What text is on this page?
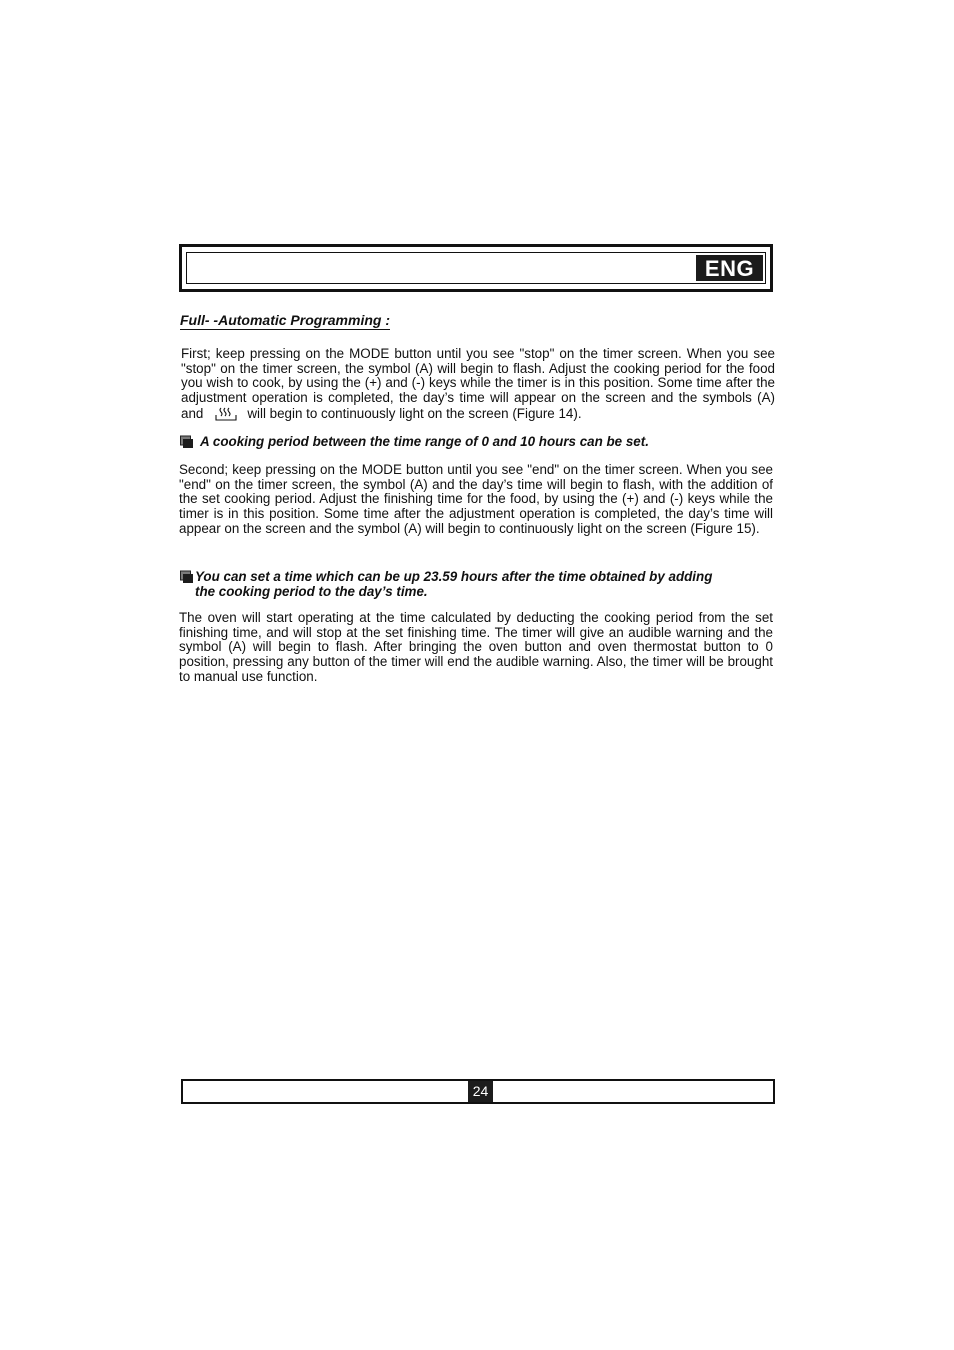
ENG
Full- -Automatic Programming :

First; keep pressing on the MODE button until you see "stop" on the timer screen. When you see "stop" on the timer screen, the symbol (A) will begin to flash. Adjust the cooking period for the food you wish to cook, by using the (+) and (-) keys while the timer is in this position. Some time after the adjustment operation is completed, the day’s time will appear on the screen and the symbols (A) and	will begin to continuously light on the screen (Figure 14).

A cooking period between the time range of 0 and 10 hours can be set.

Second; keep pressing on the MODE button until you see "end" on the timer screen. When you see "end" on the timer screen, the symbol (A) and the day’s time will begin to flash, with the addition of the set cooking period. Adjust the finishing time for the food, by using the (+) and (-) keys while the timer is in this position. Some time after the adjustment operation is completed, the day’s time will appear on the screen and the symbol (A) will begin to continuously light on the screen (Figure 15).

You can set a time which can be up 23.59 hours after the time obtained by adding
the cooking period to the day’s time.

The oven will start operating at the time calculated by deducting the cooking period from the set finishing time, and will stop at the set finishing time. The timer will give an audible warning and the symbol (A) will begin to flash. After bringing the oven button and oven thermostat button to 0 position, pressing any button of the timer will end the audible warning. Also, the timer will be brought to manual use function.

24
